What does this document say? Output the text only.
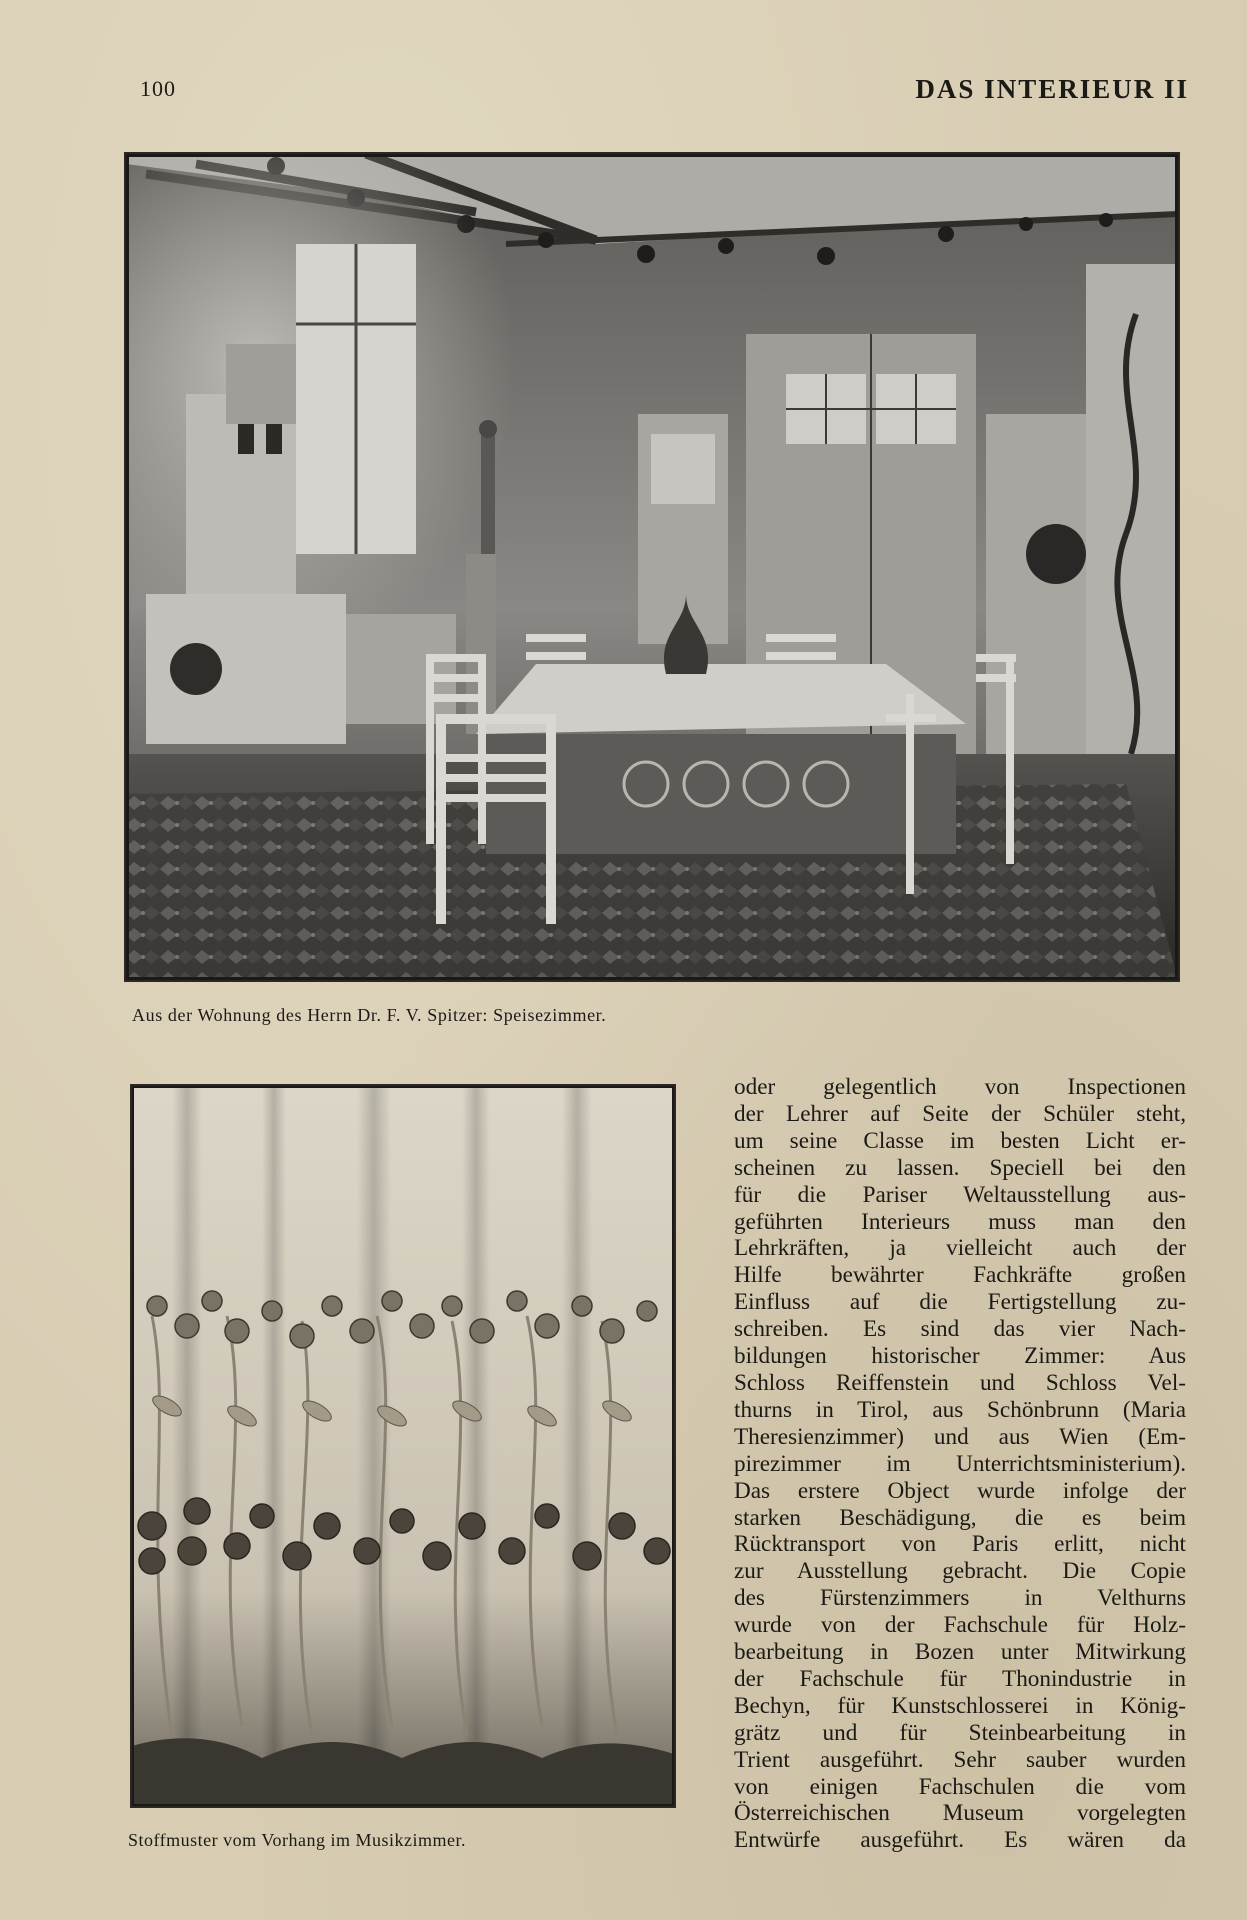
100	DAS INTERIEUR II
Aus der Wohnung des Herrn Dr. F. V. Spitzer: Speisezimmer.
Stoffmuster vom Vorhang im Musikzimmer.

oder gelegentlich von Inspectionen
der Lehrer auf Seite der Schüler steht,
um seine Classe im besten Licht er-
scheinen zu lassen. Speciell bei den
für die Pariser Weltausstellung aus-
geführten Interieurs muss man den
Lehrkräften, ja vielleicht auch der
Hilfe bewährter Fachkräfte großen
Einfluss auf die Fertigstellung zu-
schreiben. Es sind das vier Nach-
bildungen historischer Zimmer: Aus
Schloss Reiffenstein und Schloss Vel-
thurns in Tirol, aus Schönbrunn (Maria
Theresienzimmer) und aus Wien (Em-
pirezimmer im Unterrichtsministerium).
Das erstere Object wurde infolge der
starken Beschädigung, die es beim
Rücktransport von Paris erlitt, nicht
zur Ausstellung gebracht. Die Copie
des Fürstenzimmers in Velthurns
wurde von der Fachschule für Holz-
bearbeitung in Bozen unter Mitwirkung
der Fachschule für Thonindustrie in
Bechyn, für Kunstschlosserei in König-
grätz und für Steinbearbeitung in
Trient ausgeführt. Sehr sauber wurden
von einigen Fachschulen die vom
Österreichischen Museum vorgelegten
Entwürfe ausgeführt. Es wären da
